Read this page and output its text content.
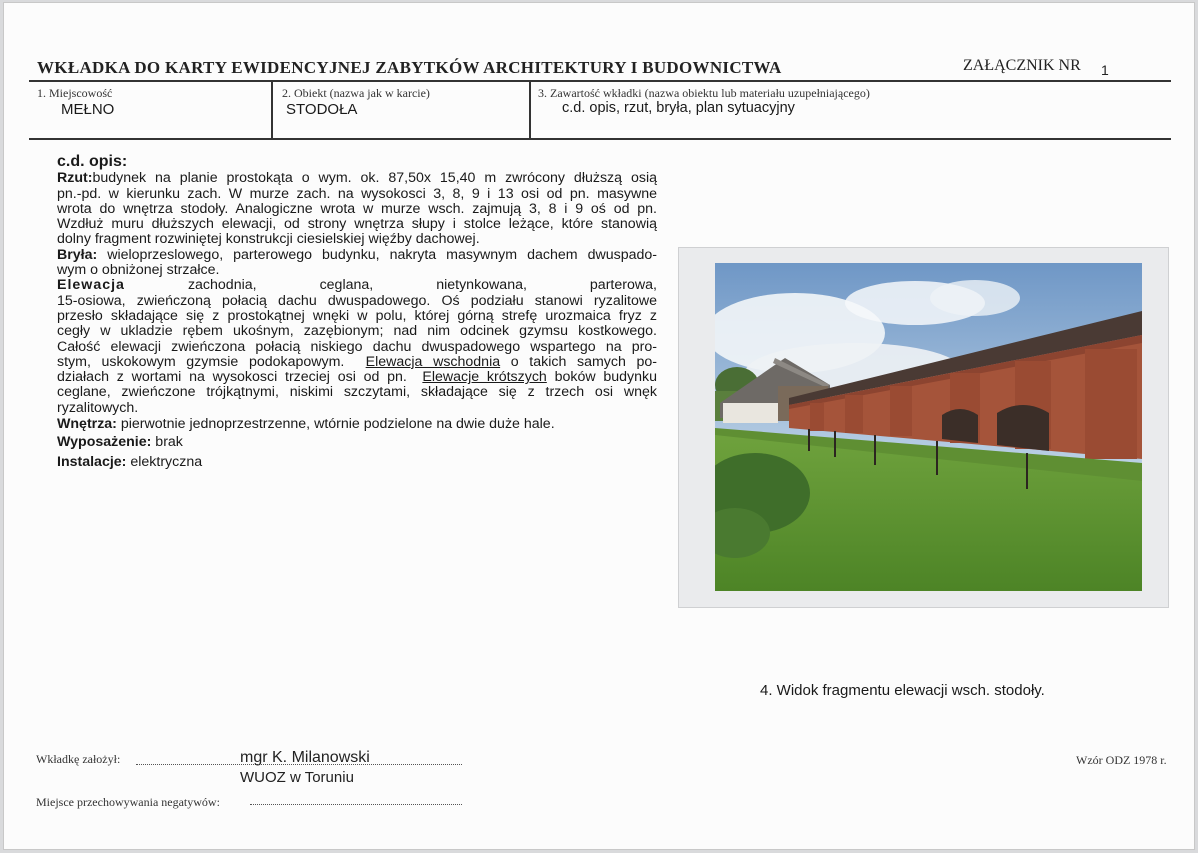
WKŁADKA DO KARTY EWIDENCYJNEJ ZABYTKÓW ARCHITEKTURY I BUDOWNICTWA	ZAŁĄCZNIK NR 1
1. Miejscowość
MEŁNO
2. Obiekt (nazwa jak w karcie)
STODOŁA
3. Zawartość wkładki (nazwa obiektu lub materiału uzupełniającego)
c.d. opis, rzut, bryła, plan sytuacyjny

c.d. opis:

Rzut:budynek na planie prostokąta o wym. ok. 87,50x 15,40 m zwrócony dłuższą osią

pn.-pd. w kierunku zach. W murze zach. na wysokosci 3, 8, 9 i 13 osi od pn. masywne

wrota do wnętrza stodoły. Analogiczne wrota w murze wsch. zajmują 3, 8 i 9 oś od pn.

Wzdłuż muru dłuższych elewacji, od strony wnętrza słupy i stolce leżące, które stanowią

dolny fragment rozwiniętej konstrukcji ciesielskiej więźby dachowej.

Bryła: wieloprzeslowego, parterowego budynku, nakryta masywnym dachem dwuspado-

wym o obniżonej strzałce.

Elewacja	zachodnia,	ceglana,	nietynkowana,	parterowa,

15-osiowa, zwieńczoną połacią dachu dwuspadowego. Oś podziału stanowi ryzalitowe

przesło składające się z prostokątnej wnęki w polu, której górną strefę urozmaica fryz z

cegły w ukladzie rębem ukośnym, zazębionym; nad nim odcinek gzymsu kostkowego.

Całość elewacji zwieńczona połacią niskiego dachu dwuspadowego wspartego na pro-

stym, uskokowym gzymsie podokapowym.  Elewacja wschodnia o takich samych po-

działach z wortami na wysokosci trzeciej osi od pn.  Elewacje krótszych boków budynku

ceglane, zwieńczone trójkątnymi, niskimi szczytami, składające się z trzech osi wnęk

ryzalitowych.

Wnętrza: pierwotnie jednoprzestrzenne, wtórnie podzielone na dwie duże hale.

Wyposażenie: brak

Instalacje: elektryczna

4. Widok fragmentu elewacji wsch. stodoły.
Wkładkę założył:	mgr K. Milanowski
WUOZ w Toruniu
Miejsce przechowywania negatywów:
Wzór ODZ 1978 r.
